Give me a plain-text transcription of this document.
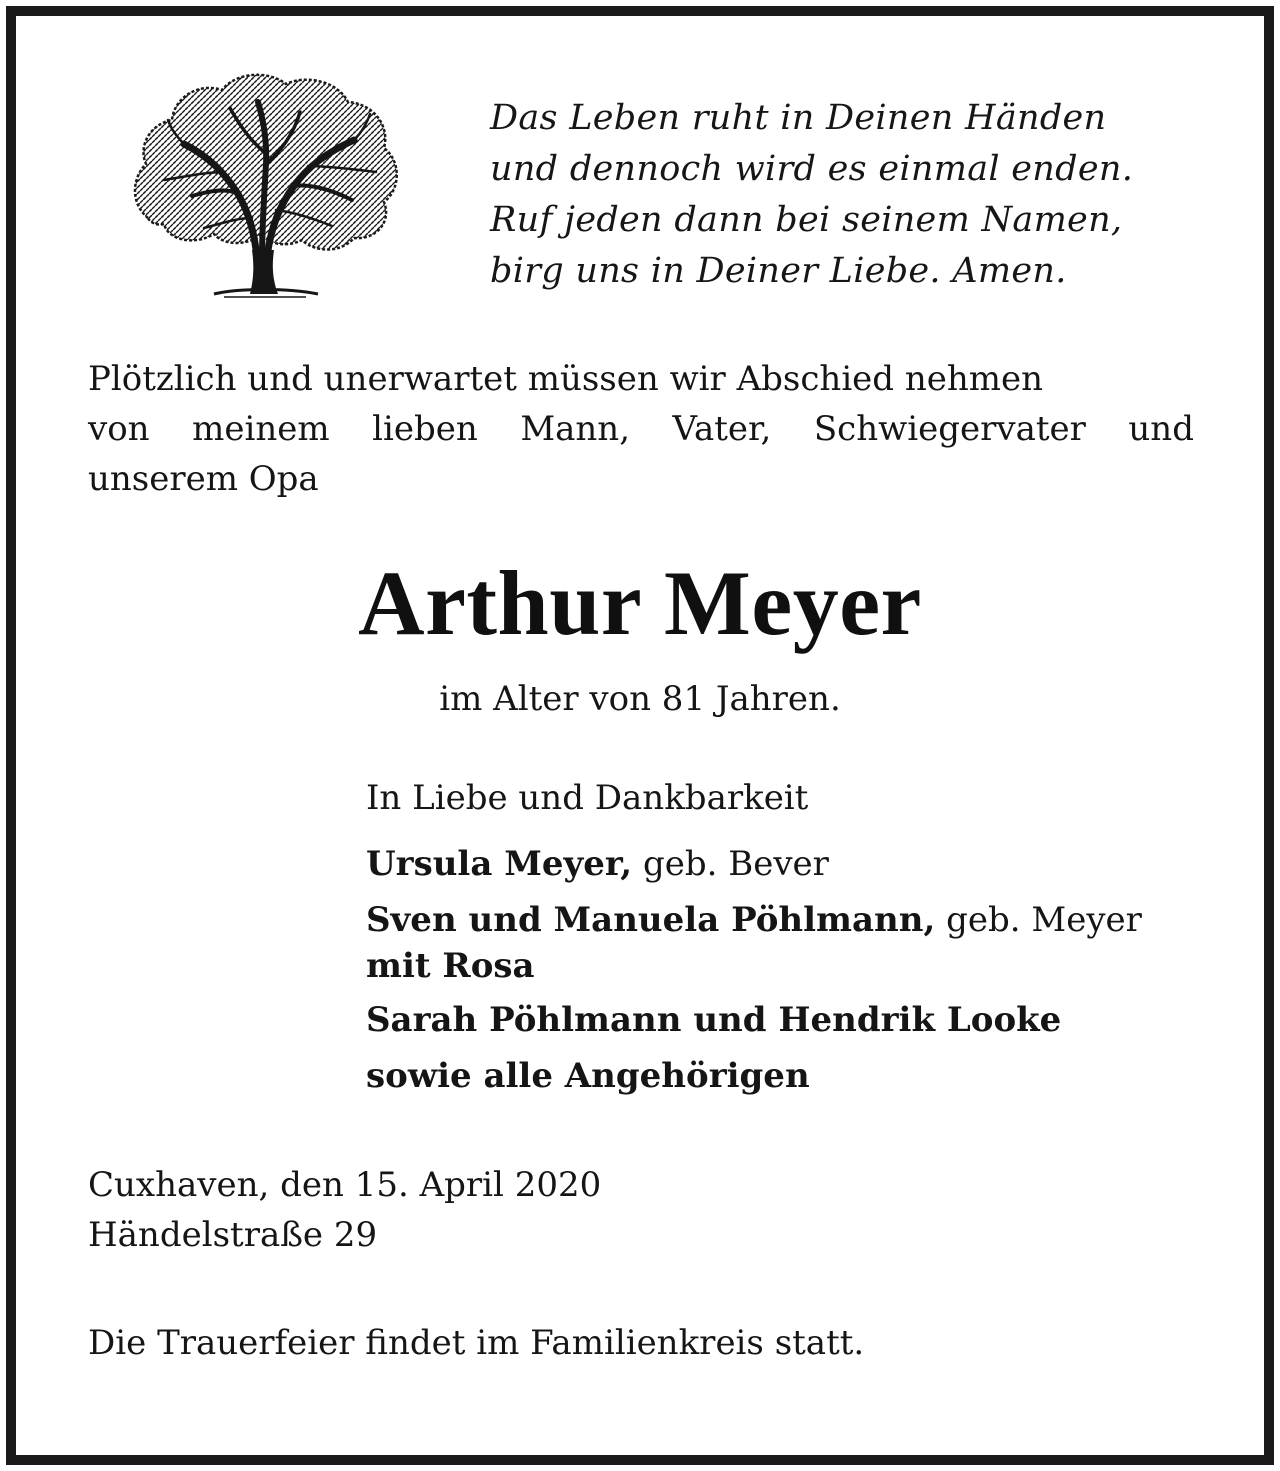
Das Leben ruht in Deinen Händen
und dennoch wird es einmal enden.
Ruf jeden dann bei seinem Namen,
birg uns in Deiner Liebe. Amen.
Plötzlich und unerwartet müssen wir Abschied nehmen
von meinem lieben Mann, Vater, Schwiegervater und
unserem Opa
Arthur Meyer
im Alter von 81 Jahren.
In Liebe und Dankbarkeit
Ursula Meyer, geb. Bever
Sven und Manuela Pöhlmann, geb. Meyer
mit Rosa
Sarah Pöhlmann und Hendrik Looke
sowie alle Angehörigen
Cuxhaven, den 15. April 2020
Händelstraße 29
Die Trauerfeier findet im Familienkreis statt.
